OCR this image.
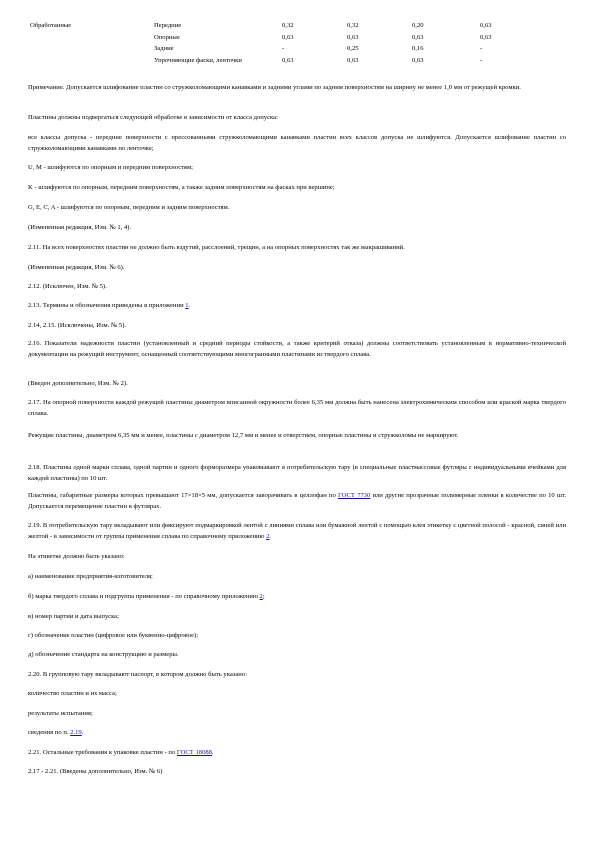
Обработанные	Передние	0,32	0,32	0,20	0,63
	Опорные	0,63	0,63	0,63	0,63
	Задние	-	0,25	0,16	-
	Упрочняющие фаски, ленточки	0,63	0,63	0,63	-

Примечание. Допускается шлифование пластин со стружколомающими канавками и задними углами по задним поверхностям на ширину не менее 1,0 мм от режущей кромки.

Пластины должны подвергаться следующей обработке в зависимости от класса допуска:

все классы допуска - передние поверхности с прессованными стружколомающими канавками пластин всех классов допуска не шлифуются. Допускается шлифование пластин со стружколомающими канавками по ленточке;

U, M - шлифуются по опорным и передним поверхностям;

K - шлифуются по опорным, передним поверхностям, а также задним поверхностям на фасках при вершине;

G, E, C, A - шлифуются по опорным, передним и задним поверхностям.

(Измененная редакция, Изм. № 1, 4).

2.11. На всех поверхностях пластин не должно быть вздутий, расслоений, трещин, а на опорных поверхностях так же выкрашиваний.

(Измененная редакция, Изм. № 6).

2.12. (Исключен, Изм. № 5).

2.13. Термины и обозначения приведены в приложении 1.

2.14, 2.15. (Исключены, Изм. № 5).

2.16. Показатели надежности пластин (установленный и средний периоды стойкости, а также критерий отказа) должны соответствовать установленным в нормативно-технической документации на режущий инструмент, оснащенный соответствующими многогранными пластинами из твердого сплава.

(Введен дополнительно, Изм. № 2).

2.17. На опорной поверхности каждой режущей пластины диаметром вписанной окружности более 6,35 мм должна быть нанесена электрохимическим способом или краской марка твердого сплава.

Режущие пластины, диаметром 6,35 мм и менее, пластины с диаметром 12,7 мм и менее и отверстием, опорные пластины и стружколомы не маркируют.

2.18. Пластины одной марки сплава, одной партии и одного форморазмера упаковывают в потребительскую тару (в специальные пластмассовые футляры с индивидуальными ячейками для каждой пластины) по 10 шт.

Пластины, габаритные размеры которых превышают 17×18×5 мм, допускается заворачивать в целлофан по ГОСТ 7730 или другие прозрачные полимерные пленки в количестве по 10 шт. Допускается перемещение пластин в футлярах.

2.19. В потребительскую тару вкладывают или фиксируют подмаркировкой лентой с линиями сплава или бумажной лентой с помощью клея этикетку с цветной полосой - красной, синей или желтой - в зависимости от группы применения сплава по справочному приложению 2.

На этикетке должно быть указано:

а) наименование предприятия-изготовителя;

б) марка твердого сплава и подгруппа применения - по справочному приложению 2;

в) номер партии и дата выпуска;

г) обозначение пластин (цифровое или буквенно-цифровое);

д) обозначение стандарта на конструкцию и размеры.

2.20. В групповую тару вкладывают паспорт, в котором должно быть указано:

количество пластин и их масса;

результаты испытания;

сведения по п. 2.19.

2.21. Остальные требования к упаковке пластин - по ГОСТ 18088.

2.17 - 2.21. (Введены дополнительно, Изм. № 6)
